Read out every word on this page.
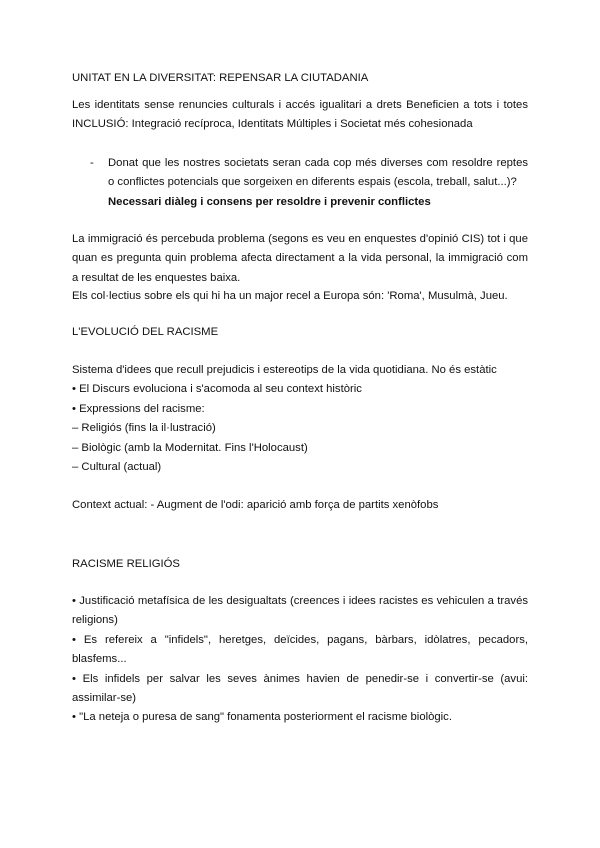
UNITAT EN LA DIVERSITAT: REPENSAR LA CIUTADANIA

Les identitats sense renuncies culturals i accés igualitari a drets Beneficien a tots i totes INCLUSIÓ: Integració recíproca, Identitats Múltiples i Societat més cohesionada

- Donat que les nostres societats seran cada cop més diverses com resoldre reptes o conflictes potencials que sorgeixen en diferents espais (escola, treball, salut...)?

Necessari diàleg i consens per resoldre i prevenir conflictes

La immigració és percebuda problema (segons es veu en enquestes d'opinió CIS) tot i que quan es pregunta quin problema afecta directament a la vida personal, la immigració com a resultat de les enquestes baixa.

Els col·lectius sobre els qui hi ha un major recel a Europa són: 'Roma', Musulmà, Jueu.

L'EVOLUCIÓ DEL RACISME

Sistema d'idees que recull prejudicis i estereotips de la vida quotidiana. No és estàtic
• El Discurs evoluciona i s'acomoda al seu context històric
• Expressions del racisme:
– Religiós (fins la il·lustració)
– Biològic (amb la Modernitat. Fins l'Holocaust)
– Cultural (actual)

Context actual: - Augment de l'odi: aparició amb força de partits xenòfobs

RACISME RELIGIÓS

• Justificació metafísica de les desigualtats (creences i idees racistes es vehiculen a través religions)
• Es refereix a "infidels", heretges, deïcides, pagans, bàrbars, idòlatres, pecadors, blasfems...
• Els infidels per salvar les seves ànimes havien de penedir-se i convertir-se (avui: assimilar-se)
• "La neteja o puresa de sang" fonamenta posteriorment el racisme biològic.
